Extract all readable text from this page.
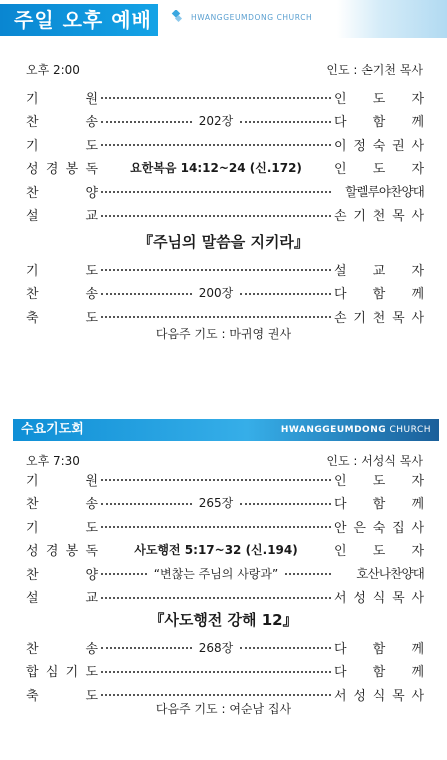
주일 오후 예배	HWANGGEUMDONG CHURCH
오후 2:00	인도 : 손기천 목사
기	원	인 도 자
찬	송	202장	다 함 께
기	도	이 정 숙 권 사
성 경 봉 독	요한복음 14:12~24 (신.172)	인 도 자
찬	양	할렐루야찬양대
설	교	손 기 천 목 사
『주님의 말씀을 지키라』
기	도	설 교 자
찬	송	200장	다 함 께
축	도	손 기 천 목 사
다음주 기도 : 마귀영 권사
수요기도회	HWANGGEUMDONG CHURCH
오후 7:30	인도 : 서성식 목사
기	원	인 도 자
찬	송	265장	다 함 께
기	도	안 은 숙 집 사
성 경 봉 독	사도행전 5:17~32 (신.194)	인 도 자
찬	양	“변찮는 주님의 사랑과”	호산나찬양대
설	교	서 성 식 목 사
『사도행전 강해 12』
찬	송	268장	다 함 께
합 심 기 도	다 함 께
축	도	서 성 식 목 사
다음주 기도 : 여순남 집사
